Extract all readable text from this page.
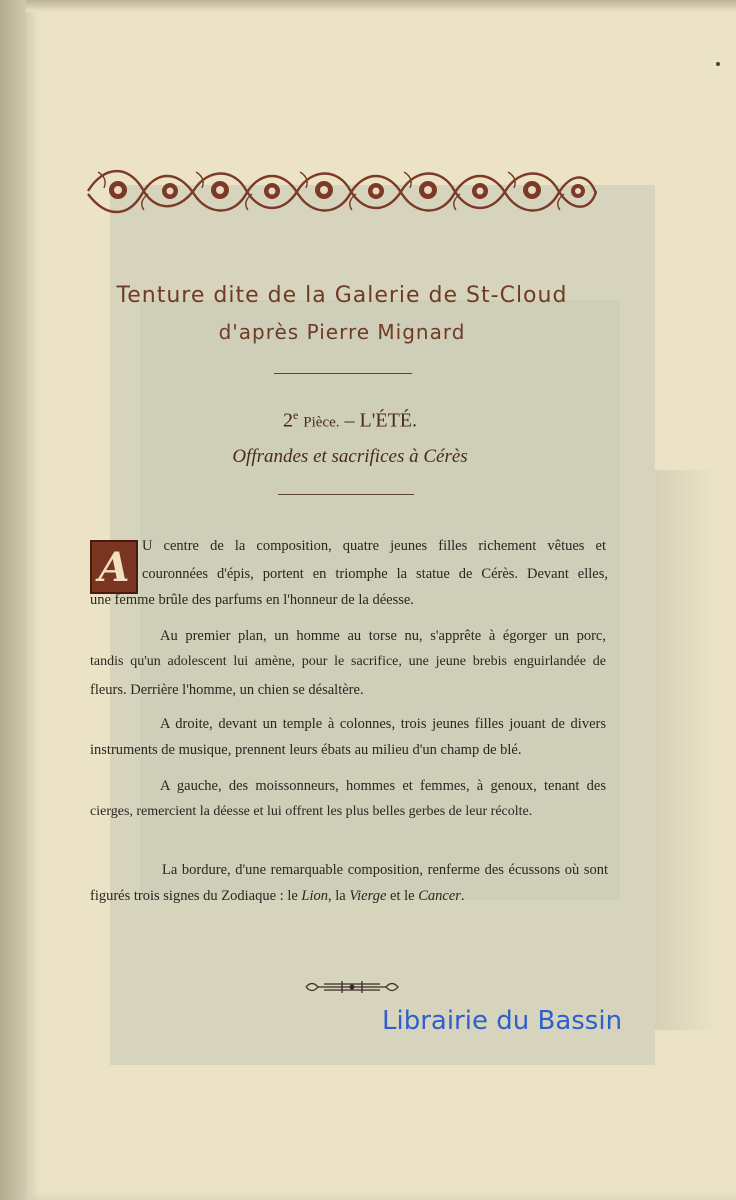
Tenture dite de la Galerie de St-Cloud
d'après Pierre Mignard
2e Pièce. – L'ÉTÉ.
Offrandes et sacrifices à Cérès
A U centre de la composition, quatre jeunes filles richement vêtues et
couronnées d'épis, portent en triomphe la statue de Cérès. Devant elles,
une femme brûle des parfums en l'honneur de la déesse.
Au premier plan, un homme au torse nu, s'apprête à égorger un porc,
tandis qu'un adolescent lui amène, pour le sacrifice, une jeune brebis enguirlandée de
fleurs. Derrière l'homme, un chien se désaltère.
A droite, devant un temple à colonnes, trois jeunes filles jouant de divers
instruments de musique, prennent leurs ébats au milieu d'un champ de blé.
A gauche, des moissonneurs, hommes et femmes, à genoux, tenant des
cierges, remercient la déesse et lui offrent les plus belles gerbes de leur récolte.
La bordure, d'une remarquable composition, renferme des écussons où sont
figurés trois signes du Zodiaque : le Lion, la Vierge et le Cancer.
Librairie du Bassin
